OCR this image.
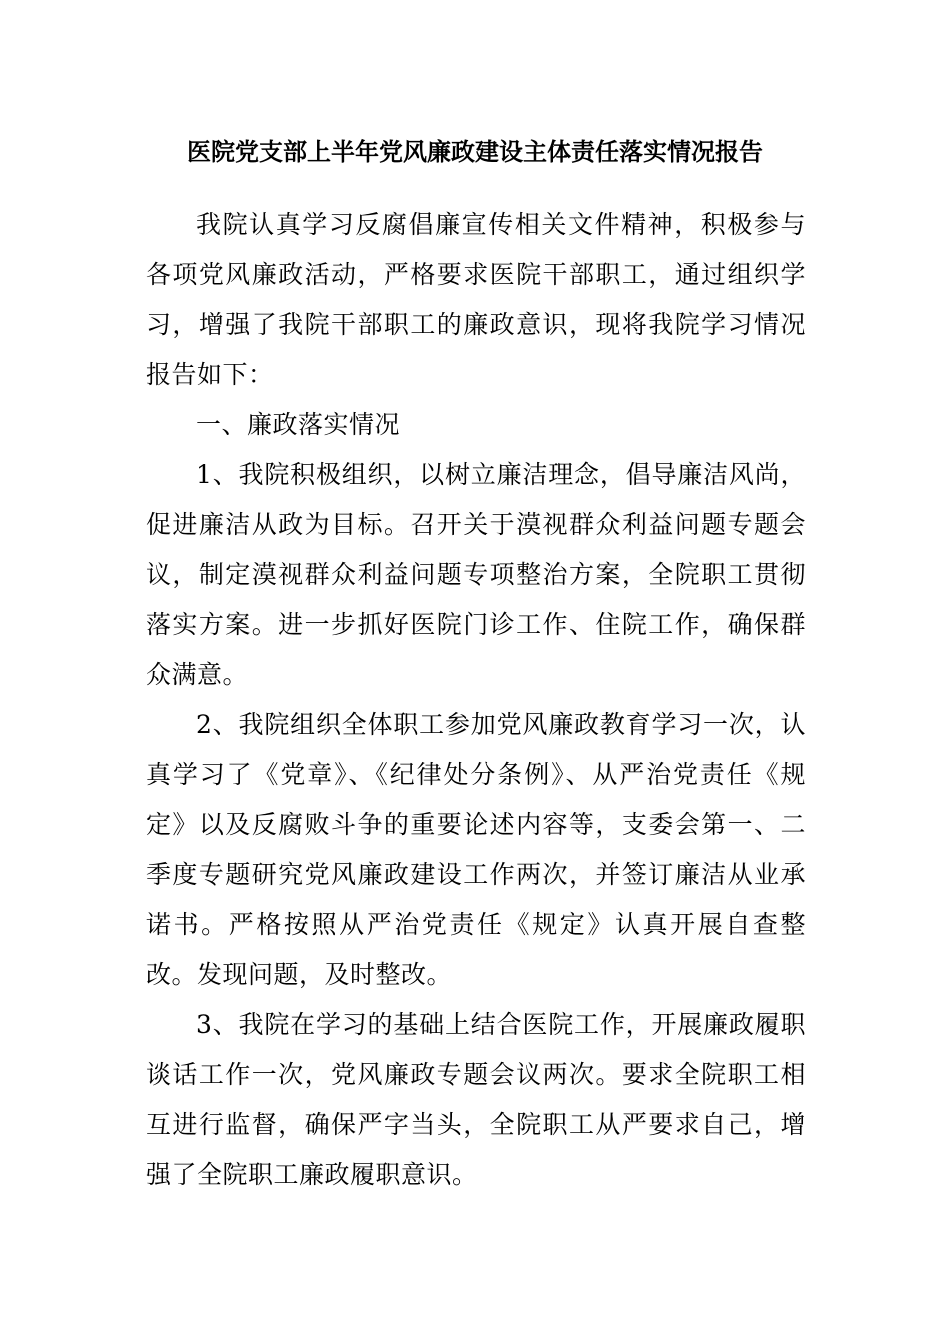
医院党支部上半年党风廉政建设主体责任落实情况报告

我院认真学习反腐倡廉宣传相关文件精神，积极参与各项党风廉政活动，严格要求医院干部职工，通过组织学习，增强了我院干部职工的廉政意识，现将我院学习情况报告如下：

一、廉政落实情况

1、我院积极组织，以树立廉洁理念，倡导廉洁风尚，促进廉洁从政为目标。召开关于漠视群众利益问题专题会议，制定漠视群众利益问题专项整治方案，全院职工贯彻落实方案。进一步抓好医院门诊工作、住院工作，确保群众满意。

2、我院组织全体职工参加党风廉政教育学习一次，认真学习了《党章》、《纪律处分条例》、从严治党责任《规定》以及反腐败斗争的重要论述内容等，支委会第一、二季度专题研究党风廉政建设工作两次，并签订廉洁从业承诺书。严格按照从严治党责任《规定》认真开展自查整改。发现问题，及时整改。

3、我院在学习的基础上结合医院工作，开展廉政履职谈话工作一次，党风廉政专题会议两次。要求全院职工相互进行监督，确保严字当头，全院职工从严要求自己，增强了全院职工廉政履职意识。
